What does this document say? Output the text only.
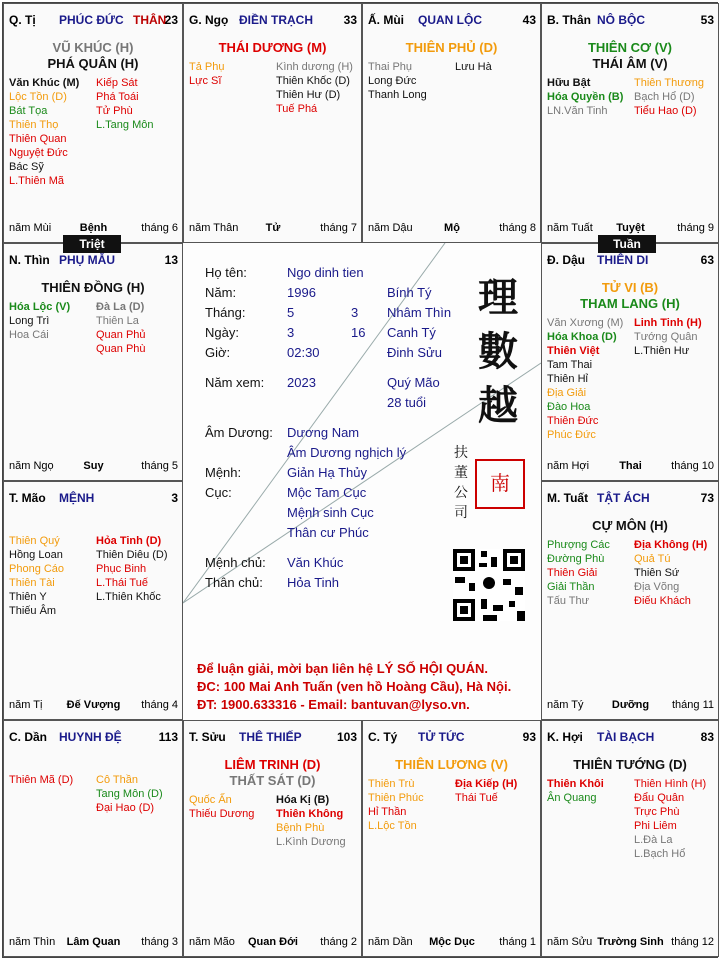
Q. Tị PHÚC ĐỨC THÂN
23
VŨ KHÚC (H)
PHÁ QUÂN (H)
Văn Khúc (M)
Lộc Tồn (D)
Bát Tọa
Thiên Thọ
Thiên Quan
Nguyệt Đức
Bác Sỹ
L.Thiên Mã
Kiếp Sát
Phá Toái
Tử Phù
L.Tang Môn
năm Mùi	Bệnh	tháng 6
G. Ngọ ĐIỀN TRẠCH	33
THÁI DƯƠNG (M)
Tả Phụ
Lực Sĩ
Kình dương (H)
Thiên Khốc (D)
Thiên Hư (D)
Tuế Phá
năm Thân	Tử	tháng 7
Ấ. Mùi QUAN LỘC	43
THIÊN PHỦ (D)
Thai Phụ
Long Đức
Thanh Long
Lưu Hà
năm Dậu	Mộ	tháng 8
B. Thân NÔ BỘC	53
THIÊN CƠ (V)
THÁI ÂM (V)
Hữu Bật
Hóa Quyền (B)
LN.Văn Tinh
Thiên Thương
Bạch Hổ (D)
Tiểu Hao (D)
năm Tuất	Tuyệt	tháng 9
N. Thìn PHỤ MẪU	13
THIÊN ĐỒNG (H)
Hóa Lộc (V)
Long Trì
Hoa Cái
Đà La (D)
Thiên La
Quan Phủ
Quan Phù
năm Ngọ	Suy	tháng 5
Đ. Dậu THIÊN DI	63
TỬ VI (B)
THAM LANG (H)
Văn Xương (M)
Hóa Khoa (D)
Thiên Việt
Tam Thai
Thiên Hỉ
Địa Giải
Đào Hoa
Thiên Đức
Phúc Đức
Linh Tinh (H)
Tướng Quân
L.Thiên Hư
năm Hợi	Thai	tháng 10
T. Mão MỆNH	3
Thiên Quý
Hồng Loan
Phong Cáo
Thiên Tài
Thiên Y
Thiếu Âm
Hỏa Tinh (D)
Thiên Diêu (D)
Phục Binh
L.Thái Tuế
L.Thiên Khốc
năm Tị	Đế Vượng	tháng 4
M. Tuất TẬT ÁCH	73
CỰ MÔN (H)
Phượng Các
Đường Phù
Thiên Giải
Giải Thần
Tấu Thư
Địa Không (H)
Quả Tú
Thiên Sứ
Địa Võng
Điếu Khách
năm Tý	Dưỡng	tháng 11
C. Dần HUYNH ĐỆ	113
Thiên Mã (D) Cô Thần
Tang Môn (D)
Đại Hao (D)
năm Thìn	Lâm Quan	tháng 3
T. Sửu THÊ THIẾP	103
LIÊM TRINH (D)
THẤT SÁT (D)
Quốc Ấn
Thiếu Dương
Hóa Kị (B)
Thiên Không
Bệnh Phù
L.Kình Dương
năm Mão	Quan Đới	tháng 2
C. Tý TỬ TỨC	93
THIÊN LƯƠNG (V)
Thiên Trù
Thiên Phúc
Hỉ Thần
L.Lộc Tồn
Địa Kiếp (H)
Thái Tuế
năm Dần	Mộc Dục	tháng 1
K. Hợi TÀI BẠCH	83
THIÊN TƯỚNG (D)
Thiên Khôi
Ân Quang
Thiên Hình (H)
Đẩu Quân
Trực Phù
Phi Liêm
L.Đà La
L.Bạch Hổ
năm Sửu Trường Sinh tháng 12
Họ tên:	Ngo dinh tien
Năm:	1996	Bính Tý
Tháng:	5	3 Nhâm Thìn
Ngày:	3	16 Canh Tý
Giờ:	02:30	Đinh Sửu
Năm xem: 2023	Quý Mão
28 tuổi
Âm Dương: Dương Nam
Âm Dương nghịch lý
Mệnh:	Giản Hạ Thủy
Cục:	Mộc Tam Cục
Mệnh sinh Cục
Thân cư Phúc
Mệnh chủ: Văn Khúc
Thân chủ: Hỏa Tinh
理
數
越
扶
董
公
司
南
Để luận giải, mời bạn liên hệ LÝ SỐ HỘI QUÁN.
ĐC: 100 Mai Anh Tuấn (ven hồ Hoàng Cầu), Hà Nội.
ĐT: 1900.633316 - Email: bantuvan@lyso.vn.
Triệt	Tuần
